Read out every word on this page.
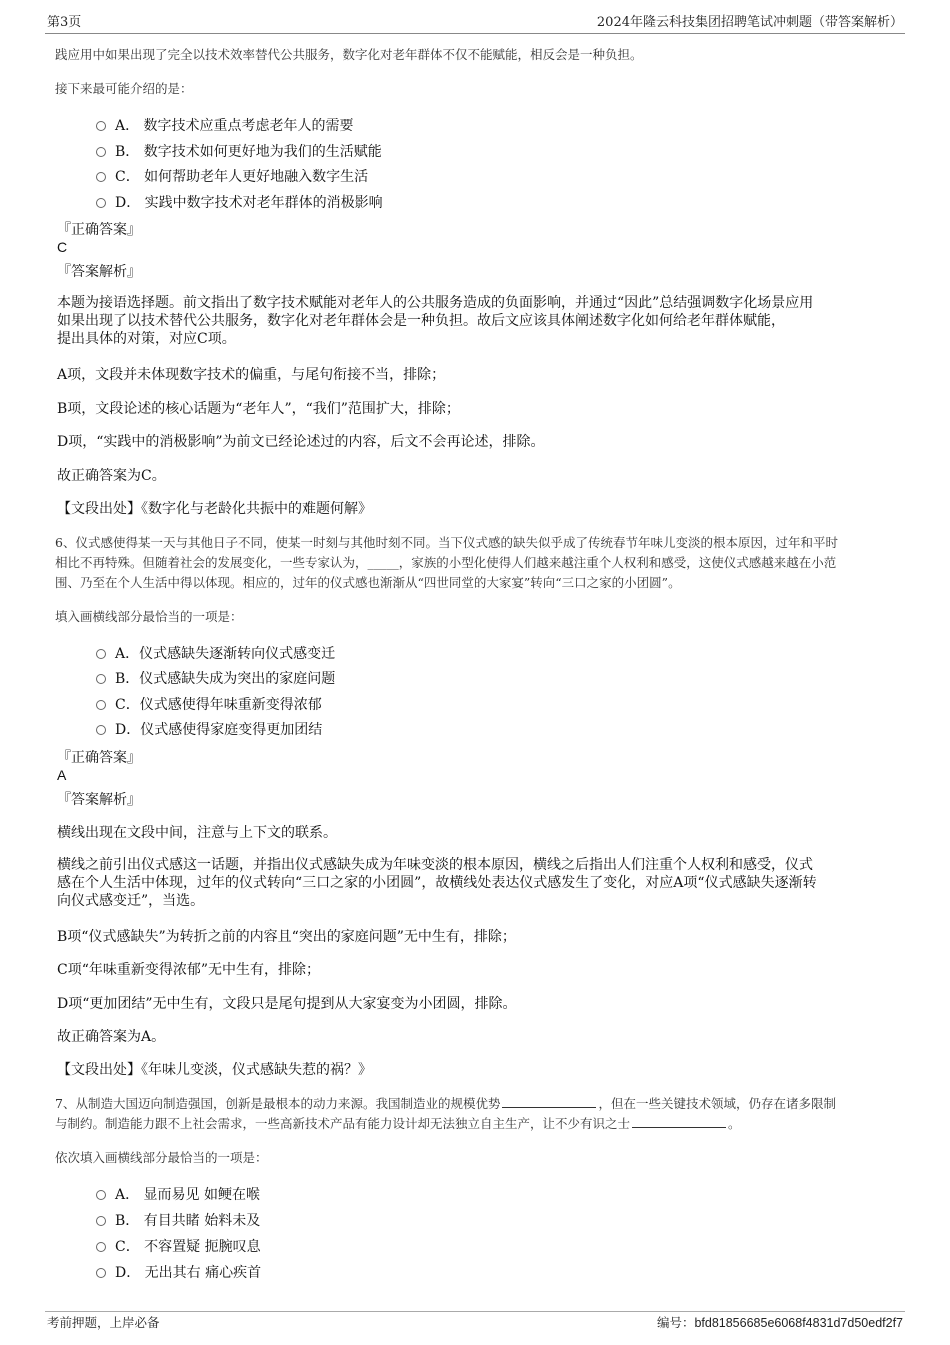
第3页	2024年隆云科技集团招聘笔试冲刺题（带答案解析）
践应用中如果出现了完全以技术效率替代公共服务，数字化对老年群体不仅不能赋能，相反会是一种负担。
接下来最可能介绍的是：
A． 数字技术应重点考虑老年人的需要
B． 数字技术如何更好地为我们的生活赋能
C． 如何帮助老年人更好地融入数字生活
D． 实践中数字技术对老年群体的消极影响
『正确答案』
C
『答案解析』
本题为接语选择题。前文指出了数字技术赋能对老年人的公共服务造成的负面影响，并通过“因此”总结强调数字化场景应用
如果出现了以技术替代公共服务，数字化对老年群体会是一种负担。故后文应该具体阐述数字化如何给老年群体赋能，
提出具体的对策，对应C项。
A项，文段并未体现数字技术的偏重，与尾句衔接不当，排除；
B项，文段论述的核心话题为“老年人”，“我们”范围扩大，排除；
D项，“实践中的消极影响”为前文已经论述过的内容，后文不会再论述，排除。
故正确答案为C。
【文段出处】《数字化与老龄化共振中的难题何解》
6、仪式感使得某一天与其他日子不同，使某一时刻与其他时刻不同。当下仪式感的缺失似乎成了传统春节年味儿变淡的根本原因，过年和平时
相比不再特殊。但随着社会的发展变化，一些专家认为，_____，家族的小型化使得人们越来越注重个人权利和感受，这使仪式感越来越在小范
围、乃至在个人生活中得以体现。相应的，过年的仪式感也渐渐从“四世同堂的大家宴”转向“三口之家的小团圆”。
填入画横线部分最恰当的一项是：
A．仪式感缺失逐渐转向仪式感变迁
B．仪式感缺失成为突出的家庭问题
C．仪式感使得年味重新变得浓郁
D．仪式感使得家庭变得更加团结
『正确答案』
A
『答案解析』
横线出现在文段中间，注意与上下文的联系。
横线之前引出仪式感这一话题，并指出仪式感缺失成为年味变淡的根本原因，横线之后指出人们注重个人权利和感受，仪式
感在个人生活中体现，过年的仪式转向“三口之家的小团圆”，故横线处表达仪式感发生了变化，对应A项“仪式感缺失逐渐转
向仪式感变迁”，当选。
B项“仪式感缺失”为转折之前的内容且“突出的家庭问题”无中生有，排除；
C项“年味重新变得浓郁”无中生有，排除；
D项“更加团结”无中生有，文段只是尾句提到从大家宴变为小团圆，排除。
故正确答案为A。
【文段出处】《年味儿变淡，仪式感缺失惹的祸？》
7、从制造大国迈向制造强国，创新是最根本的动力来源。我国制造业的规模优势	，但在一些关键技术领域，仍存在诸多限制
与制约。制造能力跟不上社会需求，一些高新技术产品有能力设计却无法独立自主生产，让不少有识之士	。
依次填入画横线部分最恰当的一项是：
A． 显而易见 如鲠在喉
B． 有目共睹 始料未及
C． 不容置疑 扼腕叹息
D． 无出其右 痛心疾首
考前押题，上岸必备	编号：bfd81856685e6068f4831d7d50edf2f7
